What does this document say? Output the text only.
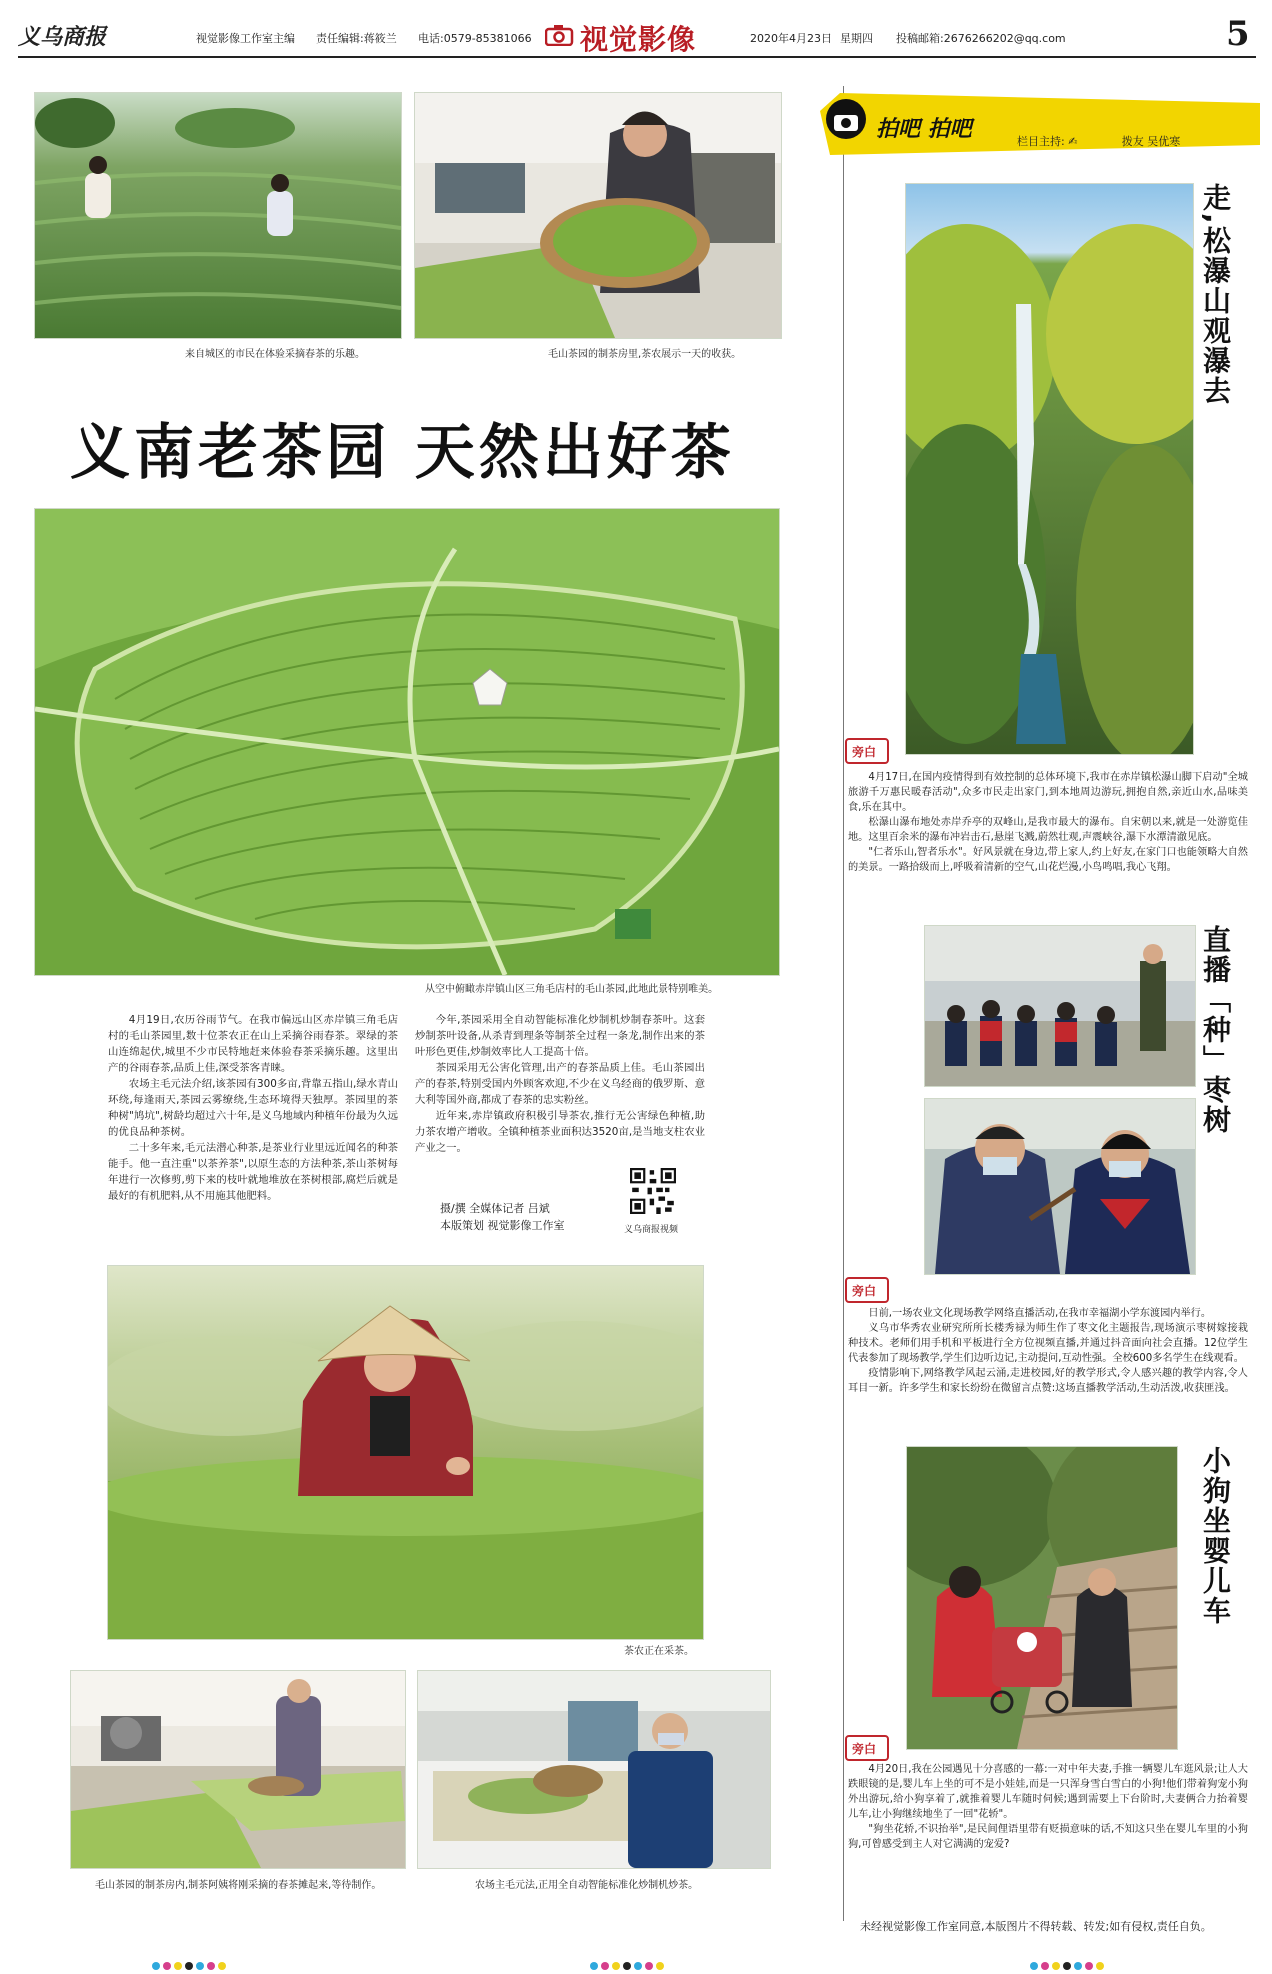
义乌商报	视觉影像工作室主编 责任编辑:蒋筱兰 电话:0579-85381066 视觉影像	2020年4月23日 星期四 投稿邮箱:2676266202@qq.com	5
来自城区的市民在体验采摘春茶的乐趣。	毛山茶园的制茶房里,茶农展示一天的收获。
义南老茶园 天然出好茶
从空中俯瞰赤岸镇山区三角毛店村的毛山茶园,此地此景特别唯美。

4月19日,农历谷雨节气。在我市偏远山区赤岸镇三角毛店村的毛山茶园里,数十位茶农正在山上采摘谷雨春茶。翠绿的茶山连绵起伏,城里不少市民特地赶来体验春茶采摘乐趣。这里出产的谷雨春茶,品质上佳,深受茶客青睐。

农场主毛元法介绍,该茶园有300多亩,背靠五指山,绿水青山环绕,每逢雨天,茶园云雾缭绕,生态环境得天独厚。茶园里的茶种树"鸠坑",树龄均超过六十年,是义乌地域内种植年份最为久远的优良品种茶树。

二十多年来,毛元法潜心种茶,是茶业行业里远近闻名的种茶能手。他一直注重"以茶养茶",以原生态的方法种茶,茶山茶树每年进行一次修剪,剪下来的枝叶就地堆放在茶树根部,腐烂后就是最好的有机肥料,从不用施其他肥料。

今年,茶园采用全自动智能标准化炒制机炒制春茶叶。这套炒制茶叶设备,从杀青到理条等制茶全过程一条龙,制作出来的茶叶形色更佳,炒制效率比人工提高十倍。

茶园采用无公害化管理,出产的春茶品质上佳。毛山茶园出产的春茶,特别受国内外顾客欢迎,不少在义乌经商的俄罗斯、意大利等国外商,都成了春茶的忠实粉丝。

近年来,赤岸镇政府积极引导茶农,推行无公害绿色种植,助力茶农增产增收。全镇种植茶业面积达3520亩,是当地支柱农业产业之一。

摄/撰 全媒体记者 吕斌
本版策划 视觉影像工作室	义乌商报视频
茶农正在采茶。
毛山茶园的制茶房内,制茶阿姨将刚采摘的春茶摊起来,等待制作。	农场主毛元法,正用全自动智能标准化炒制机炒茶。
拍吧 拍吧	栏目主持: ✍	拨友 吴优寒
走,松瀑山观瀑去
旁白

4月17日,在国内疫情得到有效控制的总体环境下,我市在赤岸镇松瀑山脚下启动"全城旅游千万惠民暖春活动",众多市民走出家门,到本地周边游玩,拥抱自然,亲近山水,品味美食,乐在其中。

松瀑山瀑布地处赤岸乔亭的双峰山,是我市最大的瀑布。自宋朝以来,就是一处游览佳地。这里百余米的瀑布冲岩击石,悬崖飞溅,蔚然壮观,声震峡谷,瀑下水潭清澈见底。

"仁者乐山,智者乐水"。好风景就在身边,带上家人,约上好友,在家门口也能领略大自然的美景。一路拾级而上,呼吸着清新的空气,山花烂漫,小鸟鸣唱,我心飞翔。

直播「种」枣树
旁白

日前,一场农业文化现场教学网络直播活动,在我市幸福湖小学东渡园内举行。

义乌市华秀农业研究所所长楼秀禄为师生作了枣文化主题报告,现场演示枣树嫁接栽种技术。老师们用手机和平板进行全方位视频直播,并通过抖音面向社会直播。12位学生代表参加了现场教学,学生们边听边记,主动提问,互动性强。全校600多名学生在线观看。

疫情影响下,网络教学风起云涌,走进校园,好的教学形式,令人感兴趣的教学内容,令人耳目一新。许多学生和家长纷纷在微留言点赞:这场直播教学活动,生动活泼,收获匪浅。

小狗坐婴儿车
旁白

4月20日,我在公园遇见十分喜感的一幕:一对中年夫妻,手推一辆婴儿车逛风景;让人大跌眼镜的是,婴儿车上坐的可不是小娃娃,而是一只浑身雪白雪白的小狗!他们带着狗宠小狗外出游玩,给小狗享着了,就推着婴儿车随时伺候;遇到需要上下台阶时,夫妻俩合力抬着婴儿车,让小狗继续地坐了一回"花轿"。

"狗坐花轿,不识抬举",是民间俚语里带有贬损意味的话,不知这只坐在婴儿车里的小狗狗,可曾感受到主人对它满满的宠爱?

未经视觉影像工作室同意,本版图片不得转载、转发;如有侵权,责任自负。
